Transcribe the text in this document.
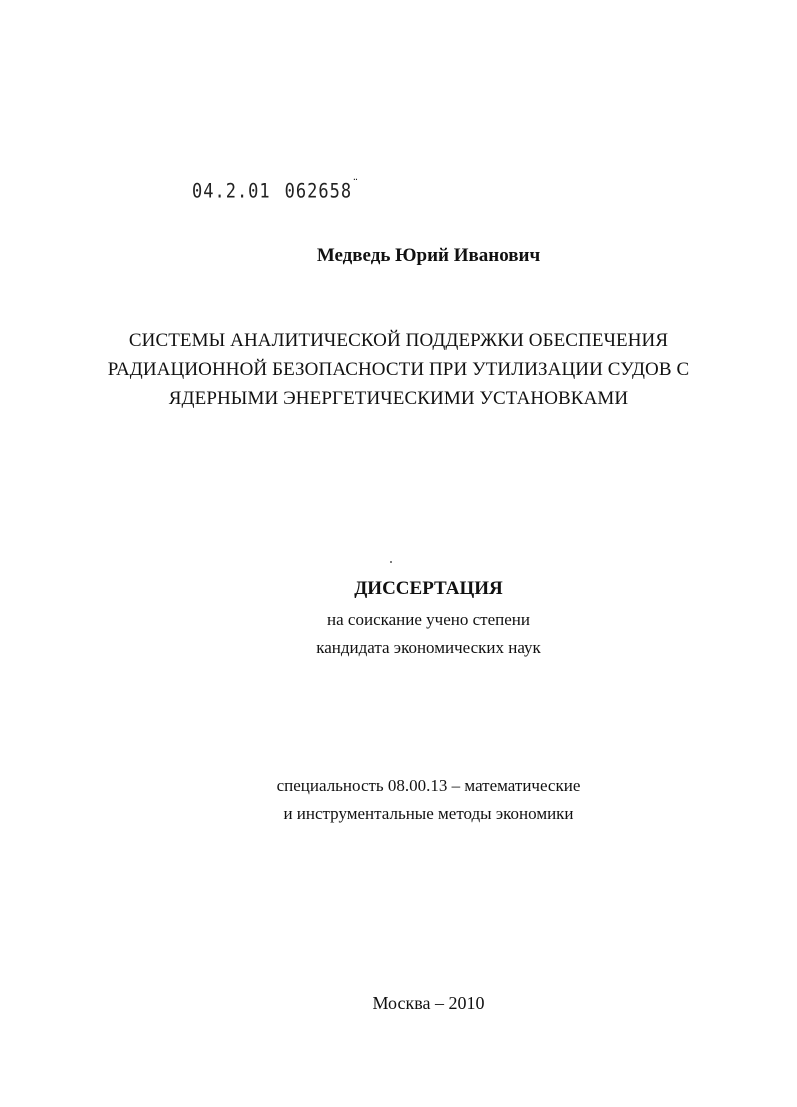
04.2.01 062658¨
Медведь Юрий Иванович
СИСТЕМЫ АНАЛИТИЧЕСКОЙ ПОДДЕРЖКИ ОБЕСПЕЧЕНИЯ
РАДИАЦИОННОЙ БЕЗОПАСНОСТИ ПРИ УТИЛИЗАЦИИ СУДОВ С
ЯДЕРНЫМИ ЭНЕРГЕТИЧЕСКИМИ УСТАНОВКАМИ
ДИССЕРТАЦИЯ
на соискание учено степени
кандидата экономических наук
специальность 08.00.13 – математические
и инструментальные методы экономики
Москва – 2010
